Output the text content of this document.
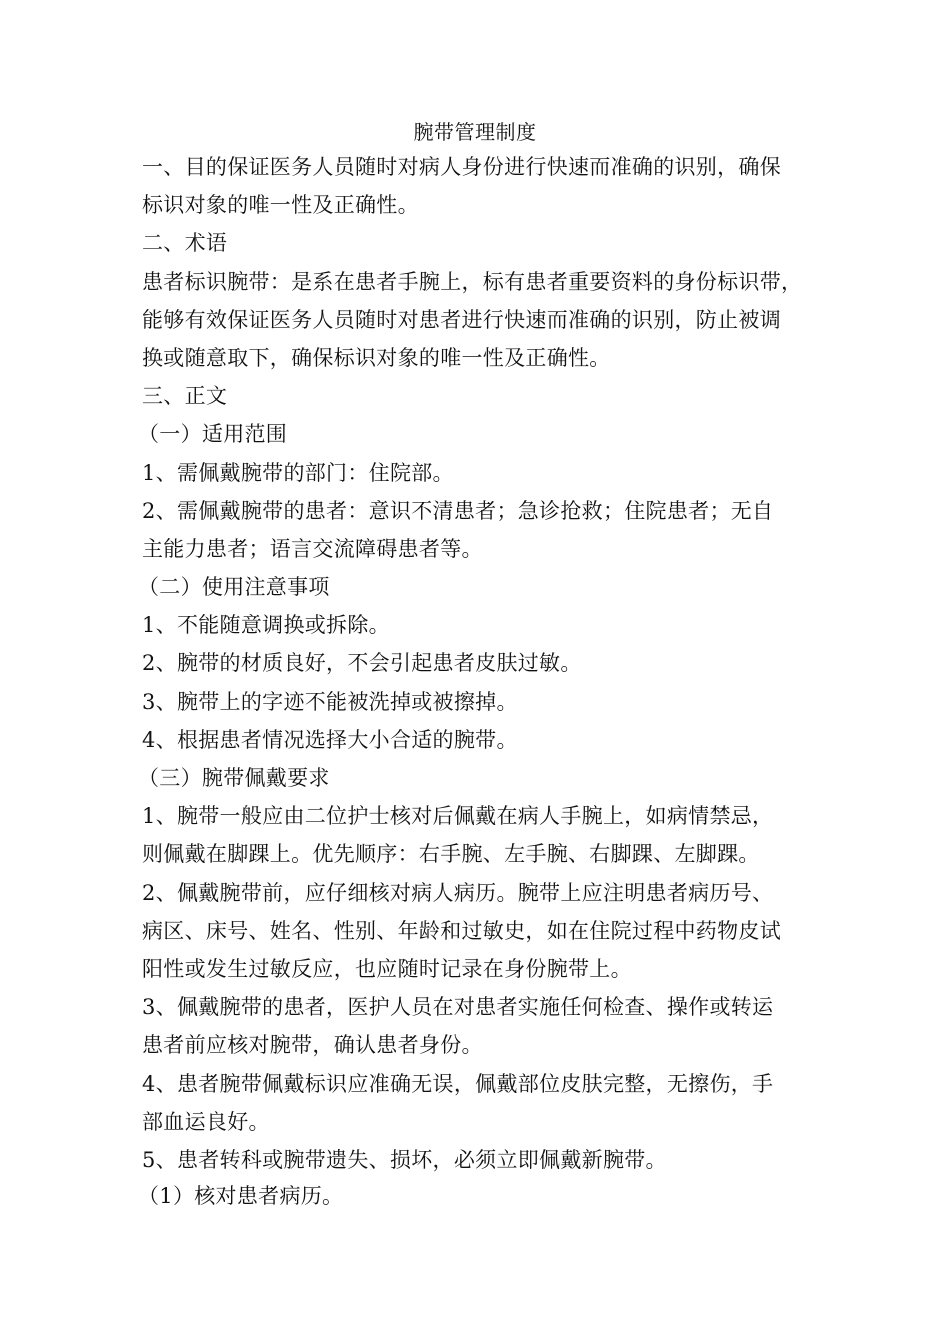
腕带管理制度
一、目的保证医务人员随时对病人身份进行快速而准确的识别，确保
标识对象的唯一性及正确性。
二、术语
患者标识腕带：是系在患者手腕上，标有患者重要资料的身份标识带，
能够有效保证医务人员随时对患者进行快速而准确的识别，防止被调
换或随意取下，确保标识对象的唯一性及正确性。
三、正文
（一）适用范围
1、需佩戴腕带的部门：住院部。
2、需佩戴腕带的患者：意识不清患者；急诊抢救；住院患者；无自
主能力患者；语言交流障碍患者等。
（二）使用注意事项
1、不能随意调换或拆除。
2、腕带的材质良好，不会引起患者皮肤过敏。
3、腕带上的字迹不能被洗掉或被擦掉。
4、根据患者情况选择大小合适的腕带。
（三）腕带佩戴要求
1、腕带一般应由二位护士核对后佩戴在病人手腕上，如病情禁忌，
则佩戴在脚踝上。优先顺序：右手腕、左手腕、右脚踝、左脚踝。
2、佩戴腕带前，应仔细核对病人病历。腕带上应注明患者病历号、
病区、床号、姓名、性别、年龄和过敏史，如在住院过程中药物皮试
阳性或发生过敏反应，也应随时记录在身份腕带上。
3、佩戴腕带的患者，医护人员在对患者实施任何检查、操作或转运
患者前应核对腕带，确认患者身份。
4、患者腕带佩戴标识应准确无误，佩戴部位皮肤完整，无擦伤，手
部血运良好。
5、患者转科或腕带遗失、损坏，必须立即佩戴新腕带。
（1）核对患者病历。
